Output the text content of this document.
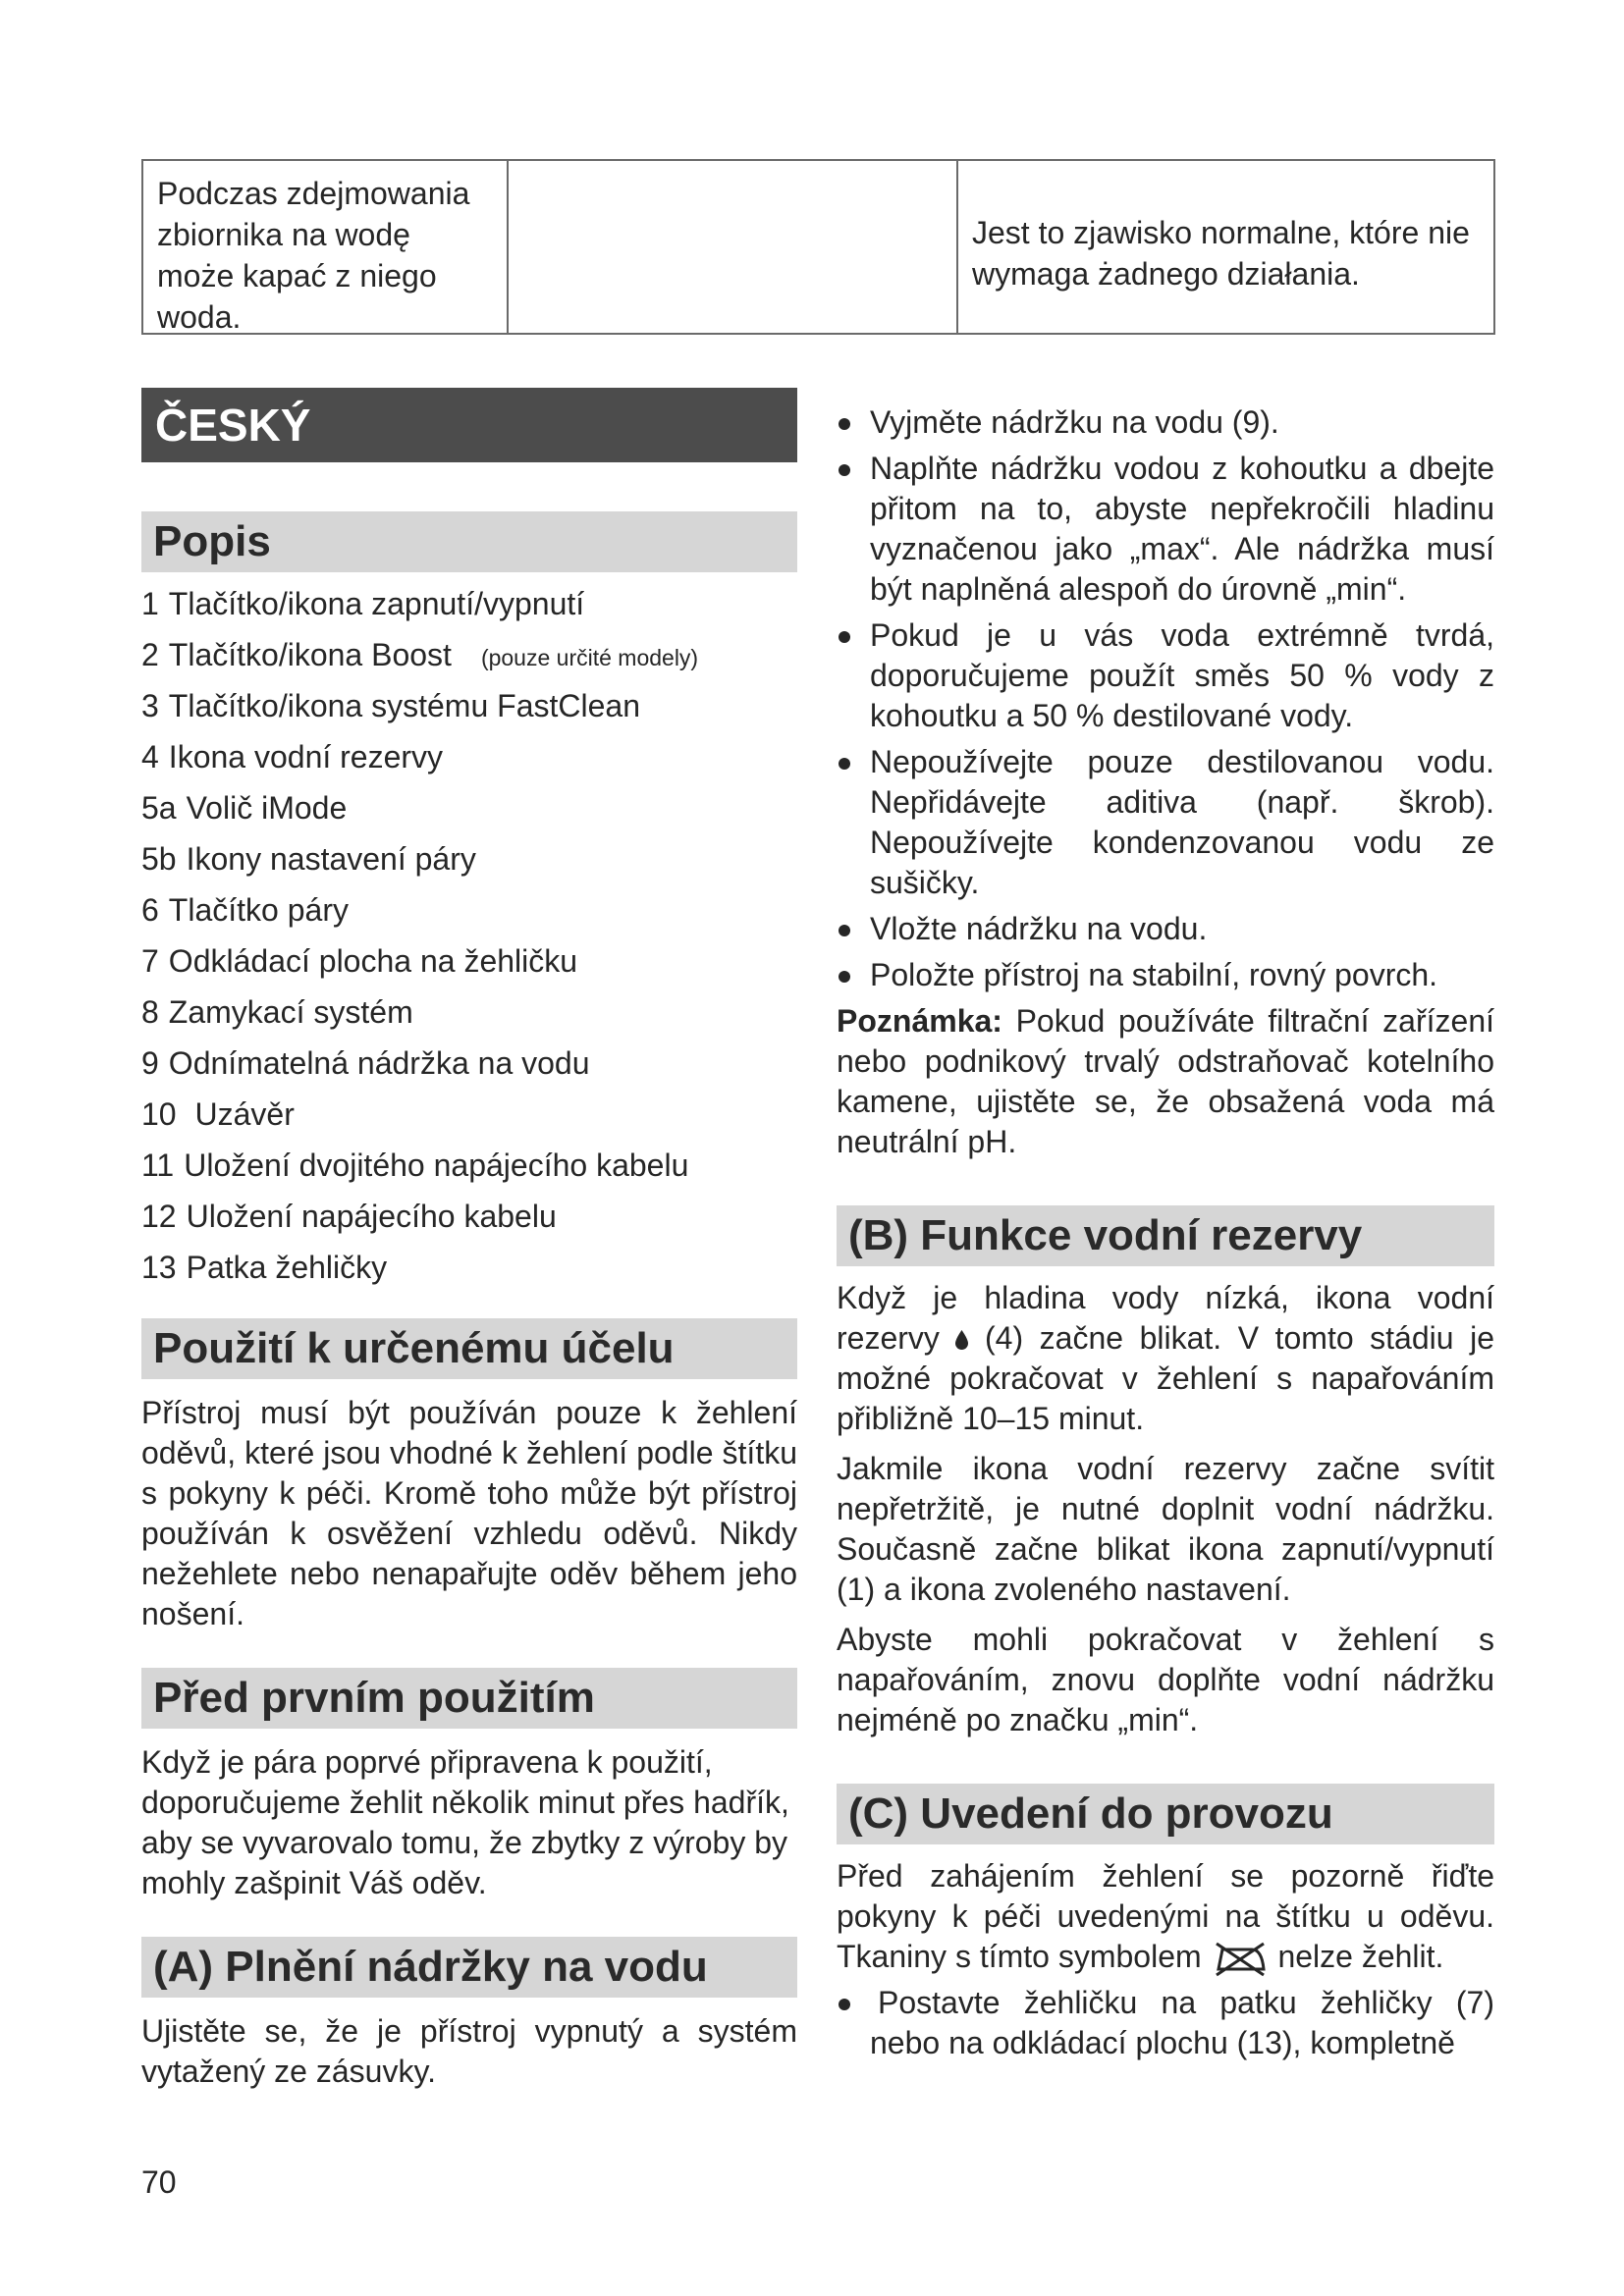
Podczas zdejmowania zbiornika na wodę może kapać z niego woda.
Jest to zjawisko normalne, które nie wymaga żadnego działania.
ČESKÝ
Popis
1 Tlačítko/ikona zapnutí/vypnutí
2 Tlačítko/ikona Boost (pouze určité modely)
3 Tlačítko/ikona systému FastClean
4 Ikona vodní rezervy
5a Volič iMode
5b Ikony nastavení páry
6 Tlačítko páry
7 Odkládací plocha na žehličku
8 Zamykací systém
9 Odnímatelná nádržka na vodu
10 Uzávěr
11 Uložení dvojitého napájecího kabelu
12 Uložení napájecího kabelu
13 Patka žehličky
Použití k určenému účelu

Přístroj musí být používán pouze k žehlení oděvů, které jsou vhodné k žehlení podle štítku s pokyny k péči. Kromě toho může být přístroj používán k osvěžení vzhledu oděvů. Nikdy nežehlete nebo nenapařujte oděv během jeho nošení.

Před prvním použitím

Když je pára poprvé připravena k použití, doporučujeme žehlit několik minut přes hadřík, aby se vyvarovalo tomu, že zbytky z výroby by mohly zašpinit Váš oděv.

(A) Plnění nádržky na vodu

Ujistěte se, že je přístroj vypnutý a systém vytažený ze zásuvky.

Vyjměte nádržku na vodu (9).
Naplňte nádržku vodou z kohoutku a dbejte přitom na to, abyste nepřekročili hladinu vyznačenou jako „max“. Ale nádržka musí být naplněná alespoň do úrovně „min“.
Pokud je u vás voda extrémně tvrdá, doporučujeme použít směs 50 % vody z kohoutku a 50 % destilované vody.
Nepoužívejte pouze destilovanou vodu. Nepřidávejte aditiva (např. škrob). Nepoužívejte kondenzovanou vodu ze sušičky.
Vložte nádržku na vodu.
Položte přístroj na stabilní, rovný povrch.

Poznámka: Pokud používáte filtrační zařízení nebo podnikový trvalý odstraňovač kotelního kamene, ujistěte se, že obsažená voda má neutrální pH.

(B) Funkce vodní rezervy

Když je hladina vody nízká, ikona vodní rezervy  (4) začne blikat. V tomto stádiu je možné pokračovat v žehlení s napařováním přibližně 10–15 minut.

Jakmile ikona vodní rezervy začne svítit nepřetržitě, je nutné doplnit vodní nádržku. Současně začne blikat ikona zapnutí/vypnutí (1) a ikona zvoleného nastavení.

Abyste mohli pokračovat v žehlení s napařováním, znovu doplňte vodní nádržku nejméně po značku „min“.

(C) Uvedení do provozu

Před zahájením žehlení se pozorně řiďte pokyny k péči uvedenými na štítku u oděvu. Tkaniny s tímto symbolem  nelze žehlit.

Postavte žehličku na patku žehličky (7) nebo na odkládací plochu (13), kompletně
70
